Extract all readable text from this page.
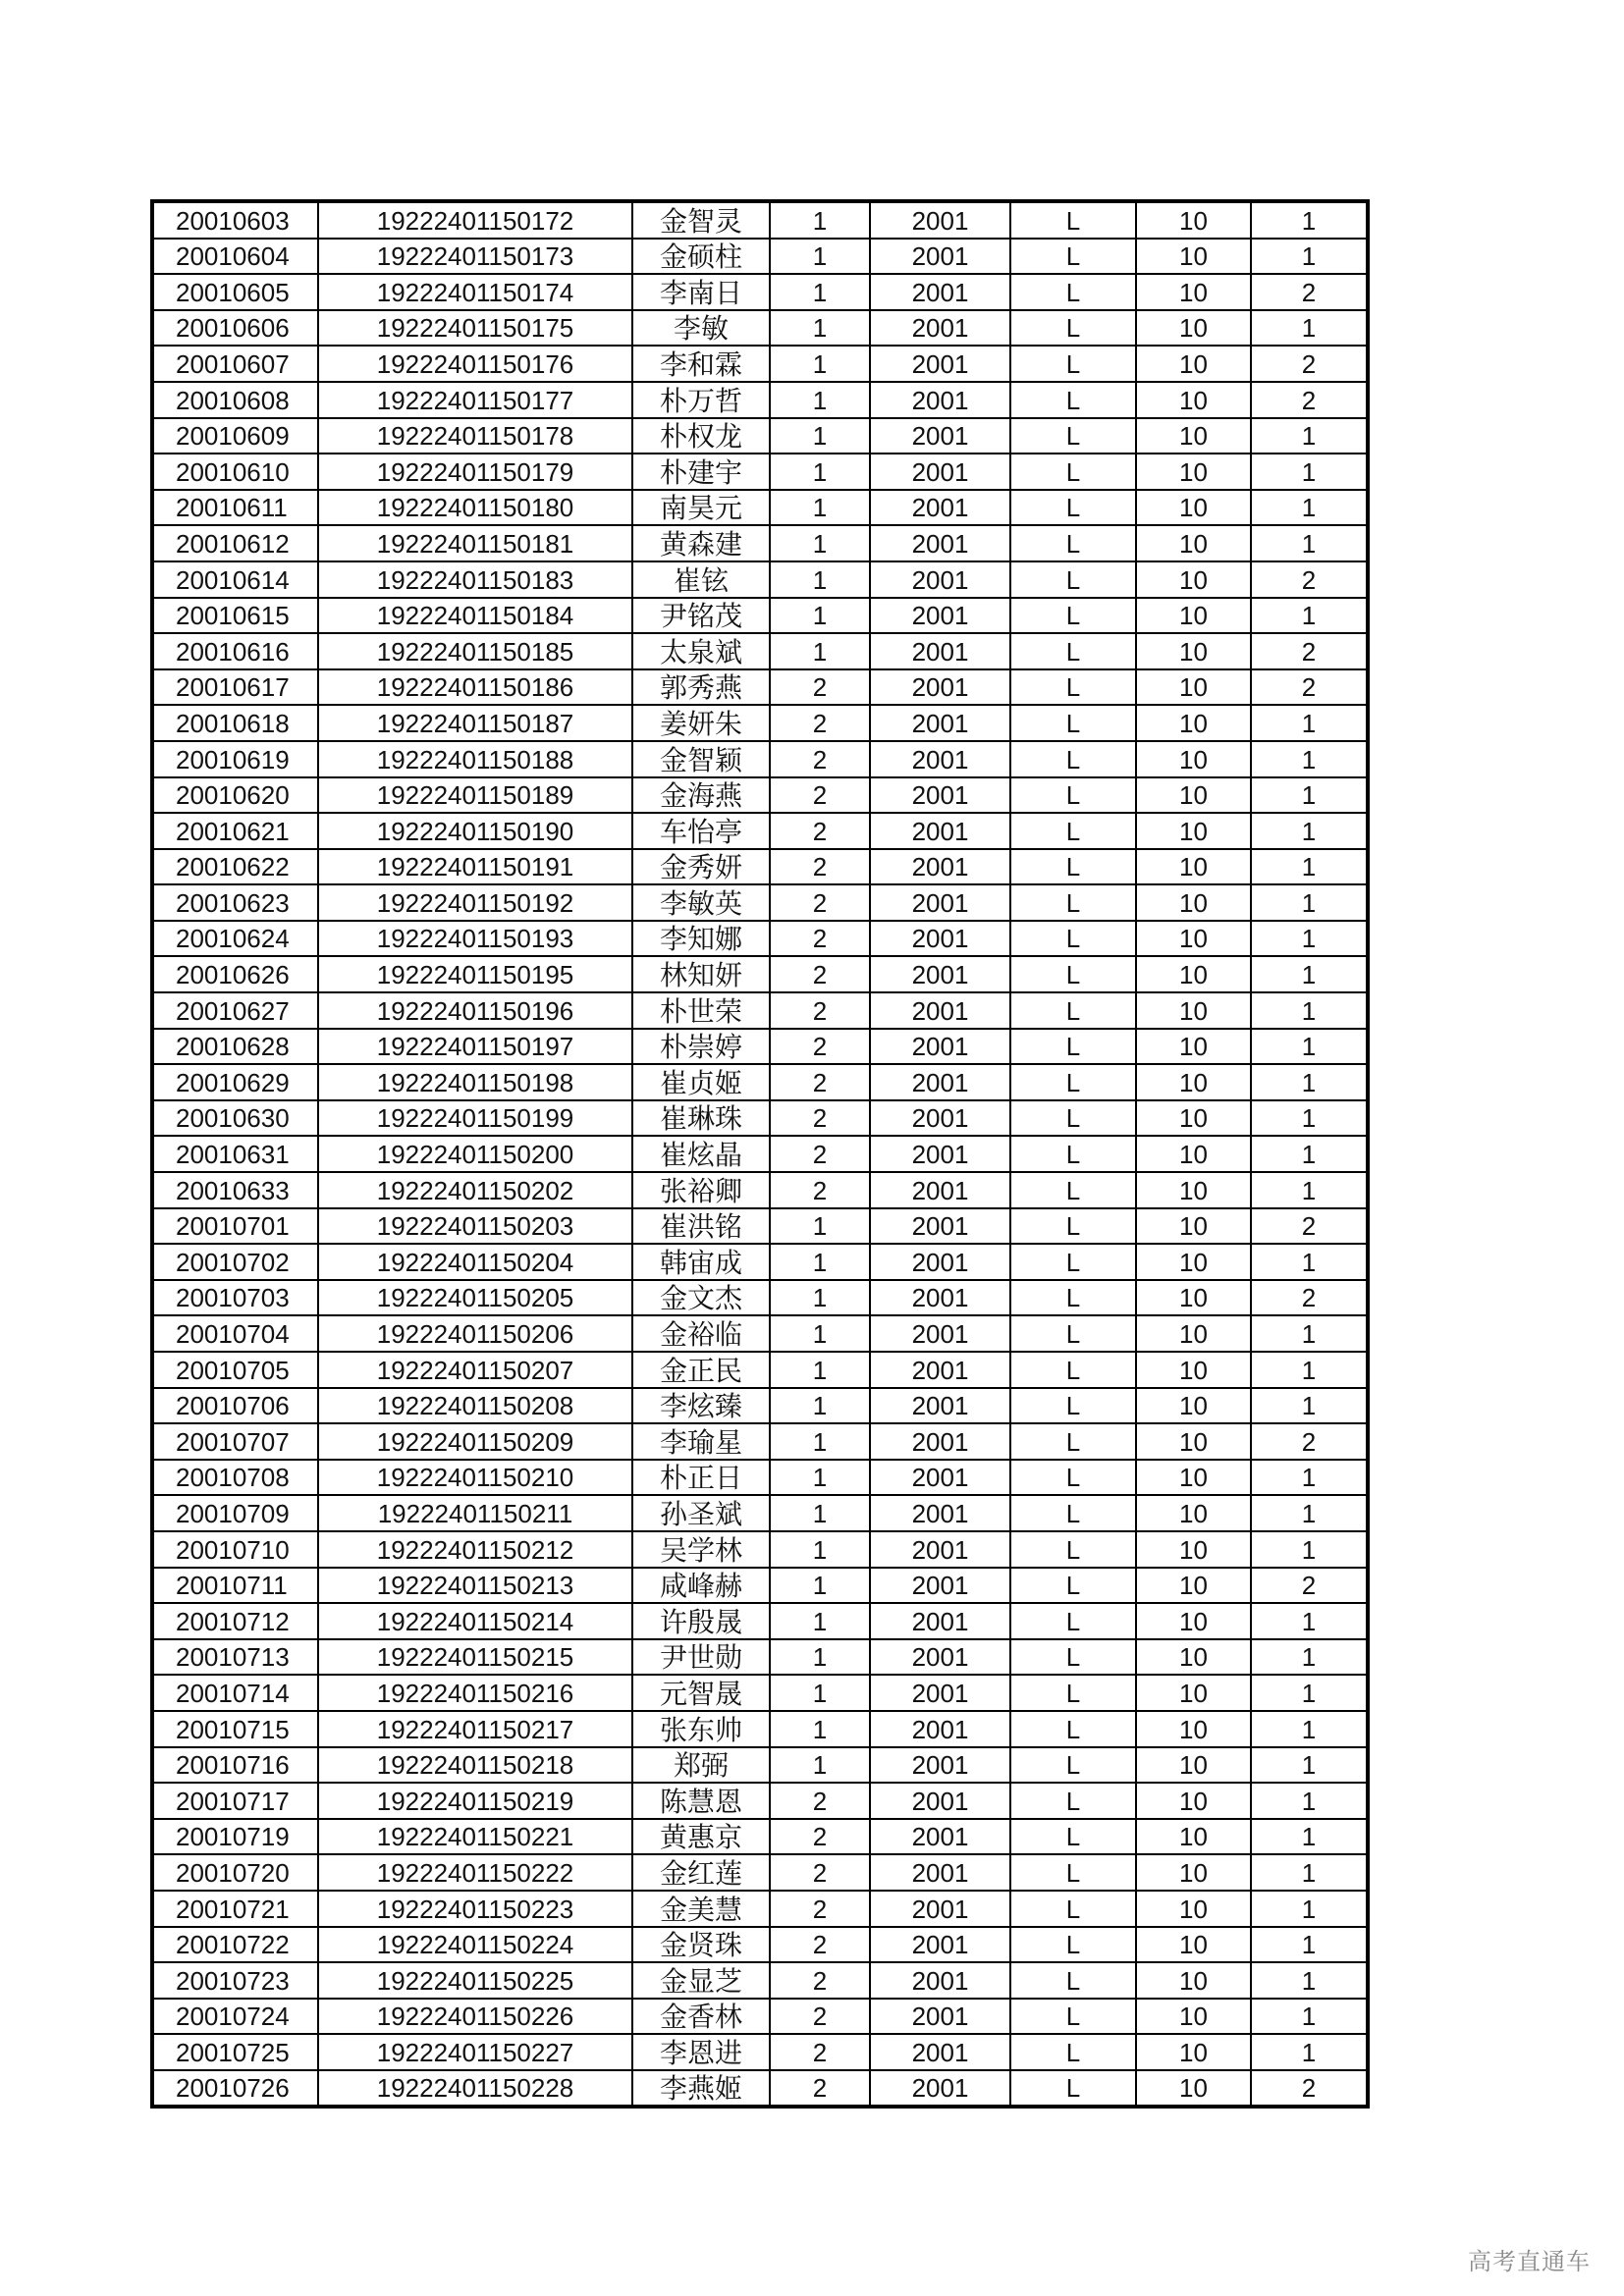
20010603	19222401150172	金智灵	1	2001	L	10	1
20010604	19222401150173	金硕柱	1	2001	L	10	1
20010605	19222401150174	李南日	1	2001	L	10	2
20010606	19222401150175	李敏	1	2001	L	10	1
20010607	19222401150176	李和霖	1	2001	L	10	2
20010608	19222401150177	朴万哲	1	2001	L	10	2
20010609	19222401150178	朴权龙	1	2001	L	10	1
20010610	19222401150179	朴建宇	1	2001	L	10	1
20010611	19222401150180	南昊元	1	2001	L	10	1
20010612	19222401150181	黄森建	1	2001	L	10	1
20010614	19222401150183	崔铉	1	2001	L	10	2
20010615	19222401150184	尹铭茂	1	2001	L	10	1
20010616	19222401150185	太泉斌	1	2001	L	10	2
20010617	19222401150186	郭秀燕	2	2001	L	10	2
20010618	19222401150187	姜妍朱	2	2001	L	10	1
20010619	19222401150188	金智颖	2	2001	L	10	1
20010620	19222401150189	金海燕	2	2001	L	10	1
20010621	19222401150190	车怡亭	2	2001	L	10	1
20010622	19222401150191	金秀妍	2	2001	L	10	1
20010623	19222401150192	李敏英	2	2001	L	10	1
20010624	19222401150193	李知娜	2	2001	L	10	1
20010626	19222401150195	林知妍	2	2001	L	10	1
20010627	19222401150196	朴世荣	2	2001	L	10	1
20010628	19222401150197	朴崇婷	2	2001	L	10	1
20010629	19222401150198	崔贞姬	2	2001	L	10	1
20010630	19222401150199	崔琳珠	2	2001	L	10	1
20010631	19222401150200	崔炫晶	2	2001	L	10	1
20010633	19222401150202	张裕卿	2	2001	L	10	1
20010701	19222401150203	崔洪铭	1	2001	L	10	2
20010702	19222401150204	韩宙成	1	2001	L	10	1
20010703	19222401150205	金文杰	1	2001	L	10	2
20010704	19222401150206	金裕临	1	2001	L	10	1
20010705	19222401150207	金正民	1	2001	L	10	1
20010706	19222401150208	李炫臻	1	2001	L	10	1
20010707	19222401150209	李瑜星	1	2001	L	10	2
20010708	19222401150210	朴正日	1	2001	L	10	1
20010709	19222401150211	孙圣斌	1	2001	L	10	1
20010710	19222401150212	吴学林	1	2001	L	10	1
20010711	19222401150213	咸峰赫	1	2001	L	10	2
20010712	19222401150214	许殷晟	1	2001	L	10	1
20010713	19222401150215	尹世勋	1	2001	L	10	1
20010714	19222401150216	元智晟	1	2001	L	10	1
20010715	19222401150217	张东帅	1	2001	L	10	1
20010716	19222401150218	郑弼	1	2001	L	10	1
20010717	19222401150219	陈慧恩	2	2001	L	10	1
20010719	19222401150221	黄惠京	2	2001	L	10	1
20010720	19222401150222	金红莲	2	2001	L	10	1
20010721	19222401150223	金美慧	2	2001	L	10	1
20010722	19222401150224	金贤珠	2	2001	L	10	1
20010723	19222401150225	金显芝	2	2001	L	10	1
20010724	19222401150226	金香林	2	2001	L	10	1
20010725	19222401150227	李恩进	2	2001	L	10	1
20010726	19222401150228	李燕姬	2	2001	L	10	2
高考直通车
